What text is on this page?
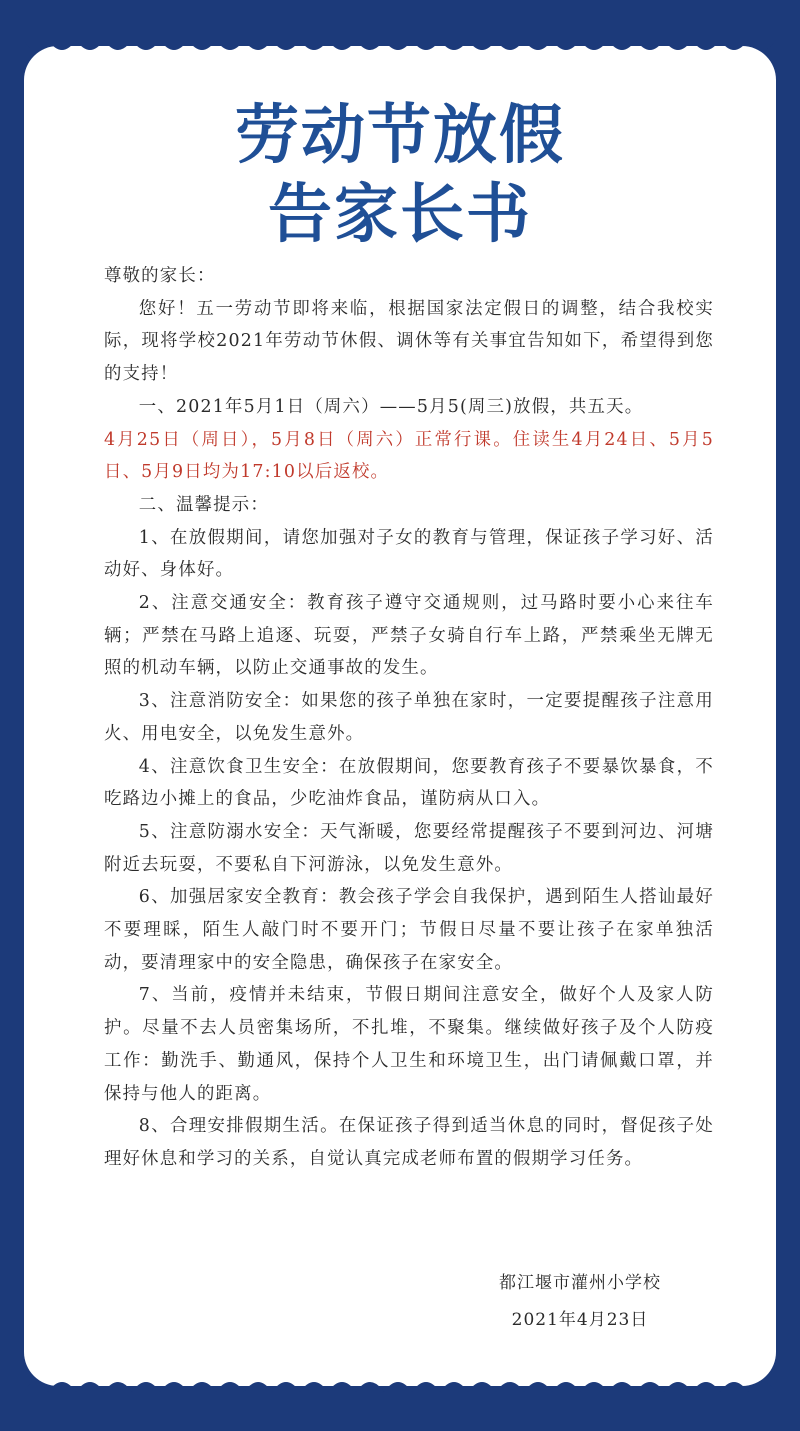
劳动节放假
告家长书

尊敬的家长：

您好！五一劳动节即将来临，根据国家法定假日的调整，结合我校实际，现将学校2021年劳动节休假、调休等有关事宜告知如下，希望得到您的支持！

一、2021年5月1日（周六）——5月5(周三)放假，共五天。

4月25日（周日），5月8日（周六）正常行课。住读生4月24日、5月5日、5月9日均为17:10以后返校。

二、温馨提示：

1、在放假期间，请您加强对子女的教育与管理，保证孩子学习好、活动好、身体好。

2、注意交通安全：教育孩子遵守交通规则，过马路时要小心来往车辆；严禁在马路上追逐、玩耍，严禁子女骑自行车上路，严禁乘坐无牌无照的机动车辆，以防止交通事故的发生。

3、注意消防安全：如果您的孩子单独在家时，一定要提醒孩子注意用火、用电安全，以免发生意外。

4、注意饮食卫生安全：在放假期间，您要教育孩子不要暴饮暴食，不吃路边小摊上的食品，少吃油炸食品，谨防病从口入。

5、注意防溺水安全：天气渐暖，您要经常提醒孩子不要到河边、河塘附近去玩耍，不要私自下河游泳，以免发生意外。

6、加强居家安全教育：教会孩子学会自我保护，遇到陌生人搭讪最好不要理睬，陌生人敲门时不要开门；节假日尽量不要让孩子在家单独活动，要清理家中的安全隐患，确保孩子在家安全。

7、当前，疫情并未结束，节假日期间注意安全，做好个人及家人防护。尽量不去人员密集场所，不扎堆，不聚集。继续做好孩子及个人防疫工作：勤洗手、勤通风，保持个人卫生和环境卫生，出门请佩戴口罩，并保持与他人的距离。

8、合理安排假期生活。在保证孩子得到适当休息的同时，督促孩子处理好休息和学习的关系，自觉认真完成老师布置的假期学习任务。

都江堰市灌州小学校
2021年4月23日
